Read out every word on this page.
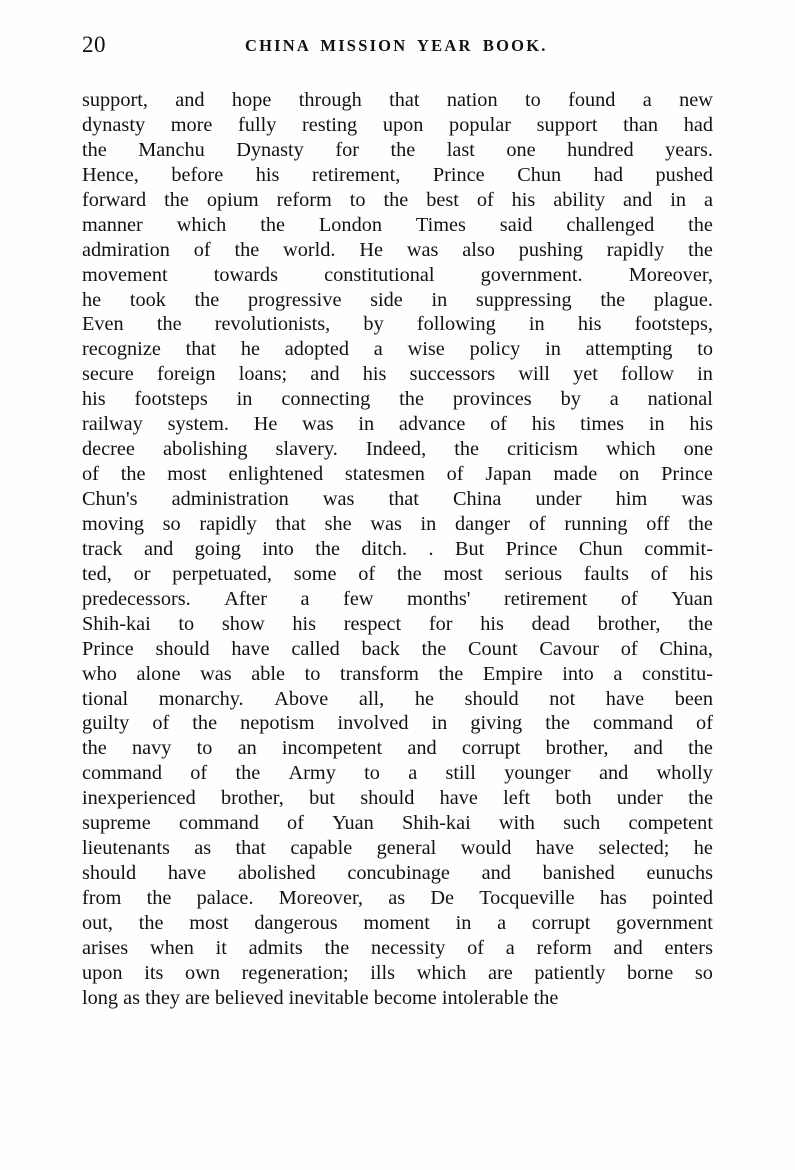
20	CHINA MISSION YEAR BOOK.
support, and hope through that nation to found a new
dynasty more fully resting upon popular support than had
the Manchu Dynasty for the last one hundred years.
Hence, before his retirement, Prince Chun had pushed
forward the opium reform to the best of his ability and in a
manner which the London Times said challenged the
admiration of the world. He was also pushing rapidly the
movement towards constitutional government. Moreover,
he took the progressive side in suppressing the plague.
Even the revolutionists, by following in his footsteps,
recognize that he adopted a wise policy in attempting to
secure foreign loans; and his successors will yet follow in
his footsteps in connecting the provinces by a national
railway system. He was in advance of his times in his
decree abolishing slavery. Indeed, the criticism which one
of the most enlightened statesmen of Japan made on Prince
Chun's administration was that China under him was
moving so rapidly that she was in danger of running off the
track and going into the ditch. . But Prince Chun commit-
ted, or perpetuated, some of the most serious faults of his
predecessors. After a few months' retirement of Yuan
Shih-kai to show his respect for his dead brother, the
Prince should have called back the Count Cavour of China,
who alone was able to transform the Empire into a constitu-
tional monarchy. Above all, he should not have been
guilty of the nepotism involved in giving the command of
the navy to an incompetent and corrupt brother, and the
command of the Army to a still younger and wholly
inexperienced brother, but should have left both under the
supreme command of Yuan Shih-kai with such competent
lieutenants as that capable general would have selected; he
should have abolished concubinage and banished eunuchs
from the palace. Moreover, as De Tocqueville has pointed
out, the most dangerous moment in a corrupt government
arises when it admits the necessity of a reform and enters
upon its own regeneration; ills which are patiently borne so
long as they are believed inevitable become intolerable the
